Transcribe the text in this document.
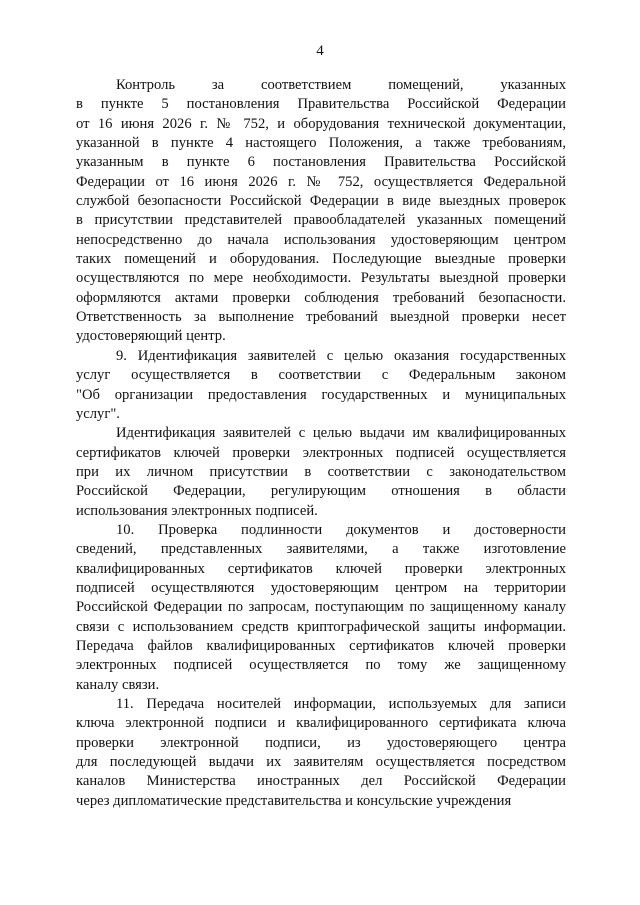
4
Контроль за соответствием помещений, указанных
в пункте 5 постановления Правительства Российской Федерации
от 16 июня 2026 г. № 752, и оборудования технической документации,
указанной в пункте 4 настоящего Положения, а также требованиям,
указанным в пункте 6 постановления Правительства Российской
Федерации от 16 июня 2026 г. № 752, осуществляется Федеральной
службой безопасности Российской Федерации в виде выездных проверок
в присутствии представителей правообладателей указанных помещений
непосредственно до начала использования удостоверяющим центром
таких помещений и оборудования. Последующие выездные проверки
осуществляются по мере необходимости. Результаты выездной проверки
оформляются актами проверки соблюдения требований безопасности.
Ответственность за выполнение требований выездной проверки несет
удостоверяющий центр.
9. Идентификация заявителей с целью оказания государственных
услуг осуществляется в соответствии с Федеральным законом
"Об организации предоставления государственных и муниципальных
услуг".
Идентификация заявителей с целью выдачи им квалифицированных
сертификатов ключей проверки электронных подписей осуществляется
при их личном присутствии в соответствии с законодательством
Российской Федерации, регулирующим отношения в области
использования электронных подписей.
10. Проверка подлинности документов и достоверности
сведений, представленных заявителями, а также изготовление
квалифицированных сертификатов ключей проверки электронных
подписей осуществляются удостоверяющим центром на территории
Российской Федерации по запросам, поступающим по защищенному каналу
связи с использованием средств криптографической защиты информации.
Передача файлов квалифицированных сертификатов ключей проверки
электронных подписей осуществляется по тому же защищенному
каналу связи.
11. Передача носителей информации, используемых для записи
ключа электронной подписи и квалифицированного сертификата ключа
проверки электронной подписи, из удостоверяющего центра
для последующей выдачи их заявителям осуществляется посредством
каналов Министерства иностранных дел Российской Федерации
через дипломатические представительства и консульские учреждения
